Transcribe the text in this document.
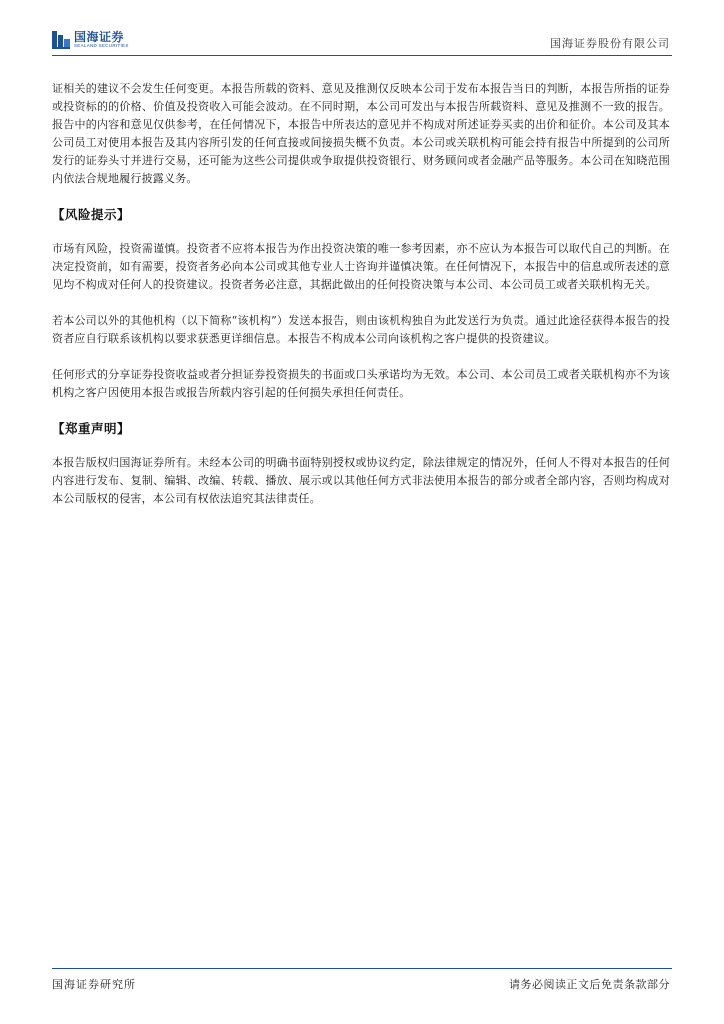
国海证券
SEALAND SECURITIES	国海证券股份有限公司

证相关的建议不会发生任何变更。本报告所载的资料、意见及推测仅反映本公司于发布本报告当日的判断，本报告所指的证券或投资标的的价格、价值及投资收入可能会波动。在不同时期，本公司可发出与本报告所载资料、意见及推测不一致的报告。报告中的内容和意见仅供参考，在任何情况下，本报告中所表达的意见并不构成对所述证券买卖的出价和征价。本公司及其本公司员工对使用本报告及其内容所引发的任何直接或间接损失概不负责。本公司或关联机构可能会持有报告中所提到的公司所发行的证券头寸并进行交易，还可能为这些公司提供或争取提供投资银行、财务顾问或者金融产品等服务。本公司在知晓范围内依法合规地履行披露义务。

【风险提示】

市场有风险，投资需谨慎。投资者不应将本报告为作出投资决策的唯一参考因素，亦不应认为本报告可以取代自己的判断。在决定投资前，如有需要，投资者务必向本公司或其他专业人士咨询并谨慎决策。在任何情况下，本报告中的信息或所表述的意见均不构成对任何人的投资建议。投资者务必注意，其据此做出的任何投资决策与本公司、本公司员工或者关联机构无关。

若本公司以外的其他机构（以下简称“该机构”）发送本报告，则由该机构独自为此发送行为负责。通过此途径获得本报告的投资者应自行联系该机构以要求获悉更详细信息。本报告不构成本公司向该机构之客户提供的投资建议。

任何形式的分享证券投资收益或者分担证券投资损失的书面或口头承诺均为无效。本公司、本公司员工或者关联机构亦不为该机构之客户因使用本报告或报告所载内容引起的任何损失承担任何责任。

【郑重声明】

本报告版权归国海证券所有。未经本公司的明确书面特别授权或协议约定，除法律规定的情况外，任何人不得对本报告的任何内容进行发布、复制、编辑、改编、转载、播放、展示或以其他任何方式非法使用本报告的部分或者全部内容，否则均构成对本公司版权的侵害，本公司有权依法追究其法律责任。

国海证券研究所	请务必阅读正文后免责条款部分
